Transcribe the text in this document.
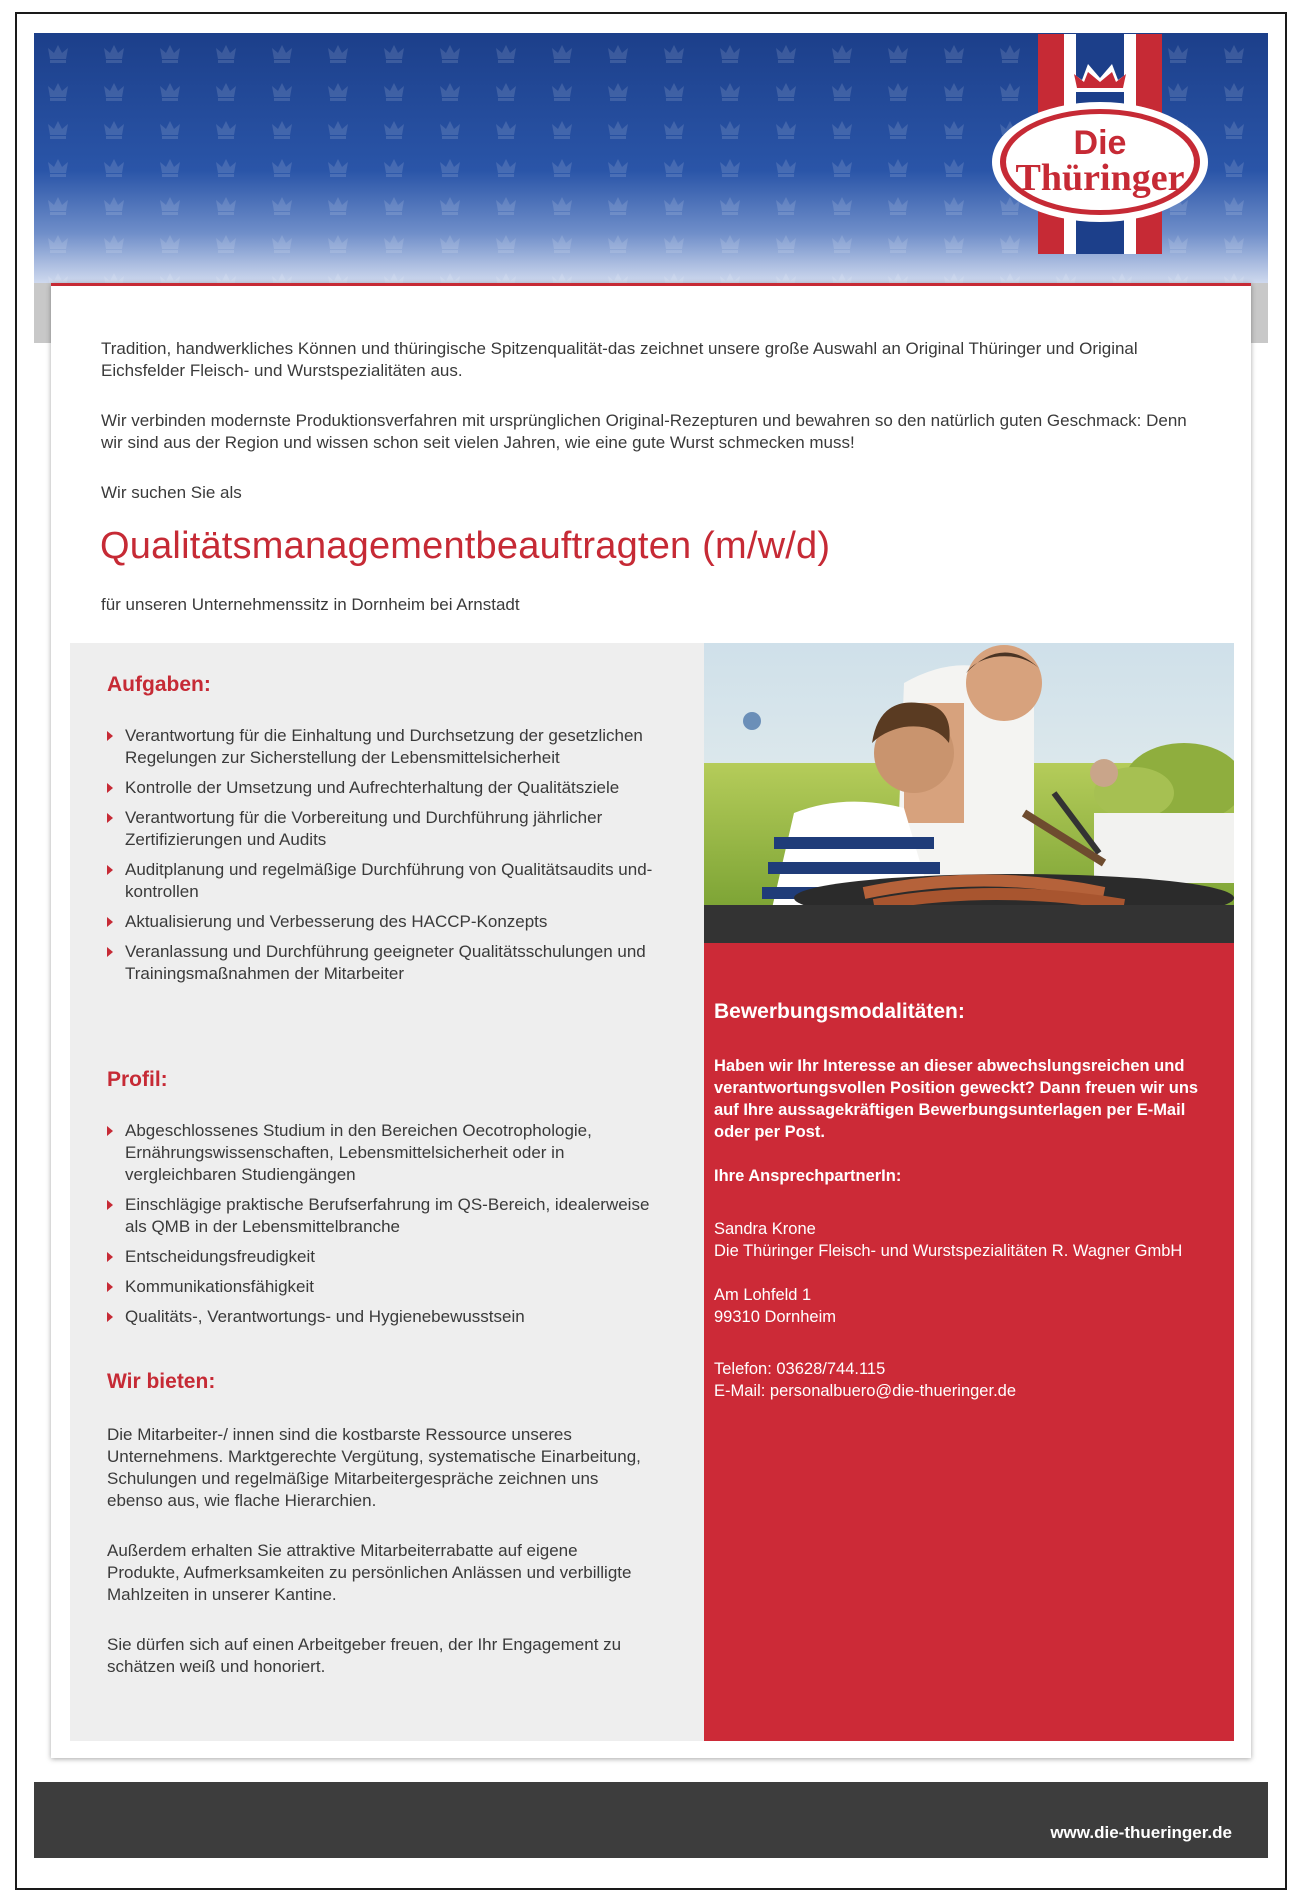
Die
Thüringer

Tradition, handwerkliches Können und thüringische Spitzenqualität-das zeichnet unsere große Auswahl an Original Thüringer und Original Eichsfelder Fleisch- und Wurstspezialitäten aus.

Wir verbinden modernste Produktionsverfahren mit ursprünglichen Original-Rezepturen und bewahren so den natürlich guten Geschmack: Denn wir sind aus der Region und wissen schon seit vielen Jahren, wie eine gute Wurst schmecken muss!

Wir suchen Sie als

Qualitätsmanagementbeauftragten (m/w/d)

für unseren Unternehmenssitz in Dornheim bei Arnstadt

Aufgaben:
Verantwortung für die Einhaltung und Durchsetzung der gesetzlichen Regelungen zur Sicherstellung der Lebensmittelsicherheit
Kontrolle der Umsetzung und Aufrechterhaltung der Qualitätsziele
Verantwortung für die Vorbereitung und Durchführung jährlicher Zertifizierungen und Audits
Auditplanung und regelmäßige Durchführung von Qualitätsaudits und-kontrollen
Aktualisierung und Verbesserung des HACCP-Konzepts
Veranlassung und Durchführung geeigneter Qualitätsschulungen und Trainingsmaßnahmen der Mitarbeiter
Profil:
Abgeschlossenes Studium in den Bereichen Oecotrophologie, Ernährungswissenschaften, Lebensmittelsicherheit oder in vergleichbaren Studiengängen
Einschlägige praktische Berufserfahrung im QS-Bereich, idealerweise als QMB in der Lebensmittelbranche
Entscheidungsfreudigkeit
Kommunikationsfähigkeit
Qualitäts-, Verantwortungs- und Hygienebewusstsein
Wir bieten:

Die Mitarbeiter-/ innen sind die kostbarste Ressource unseres Unternehmens. Marktgerechte Vergütung, systematische Einarbeitung, Schulungen und regelmäßige Mitarbeitergespräche zeichnen uns ebenso aus, wie flache Hierarchien.

Außerdem erhalten Sie attraktive Mitarbeiterrabatte auf eigene Produkte, Aufmerksamkeiten zu persönlichen Anlässen und verbilligte Mahlzeiten in unserer Kantine.

Sie dürfen sich auf einen Arbeitgeber freuen, der Ihr Engagement zu schätzen weiß und honoriert.

Bewerbungsmodalitäten:

Haben wir Ihr Interesse an dieser abwechslungsreichen und verantwortungsvollen Position geweckt? Dann freuen wir uns auf Ihre aussagekräftigen Bewerbungsunterlagen per E-Mail oder per Post.

Ihre AnsprechpartnerIn:

Sandra Krone

Die Thüringer Fleisch- und Wurstspezialitäten R. Wagner GmbH

Am Lohfeld 1

99310 Dornheim

Telefon: 03628/744.115

E-Mail: personalbuero@die-thueringer.de

www.die-thueringer.de
